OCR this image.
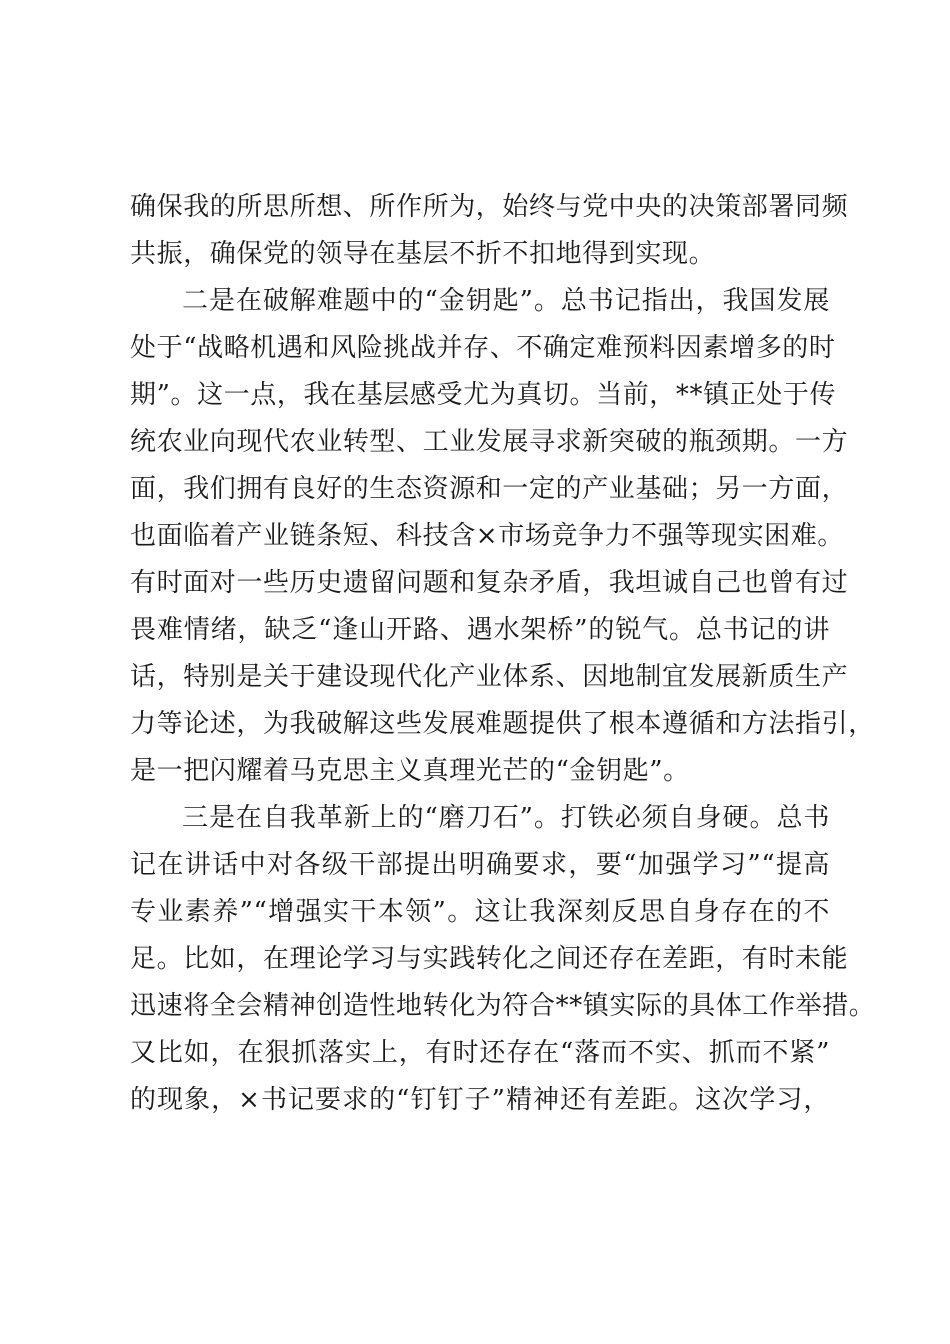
确保我的所思所想、所作所为，始终与党中央的决策部署同频
共振，确保党的领导在基层不折不扣地得到实现。
二是在破解难题中的“金钥匙”。总书记指出，我国发展
处于“战略机遇和风险挑战并存、不确定难预料因素增多的时
期”。这一点，我在基层感受尤为真切。当前，**镇正处于传
统农业向现代农业转型、工业发展寻求新突破的瓶颈期。一方
面，我们拥有良好的生态资源和一定的产业基础；另一方面，
也面临着产业链条短、科技含×市场竞争力不强等现实困难。
有时面对一些历史遗留问题和复杂矛盾，我坦诚自己也曾有过
畏难情绪，缺乏“逢山开路、遇水架桥”的锐气。总书记的讲
话，特别是关于建设现代化产业体系、因地制宜发展新质生产
力等论述，为我破解这些发展难题提供了根本遵循和方法指引，
是一把闪耀着马克思主义真理光芒的“金钥匙”。
三是在自我革新上的“磨刀石”。打铁必须自身硬。总书
记在讲话中对各级干部提出明确要求，要“加强学习”“提高
专业素养”“增强实干本领”。这让我深刻反思自身存在的不
足。比如，在理论学习与实践转化之间还存在差距，有时未能
迅速将全会精神创造性地转化为符合**镇实际的具体工作举措。
又比如，在狠抓落实上，有时还存在“落而不实、抓而不紧”
的现象，×书记要求的“钉钉子”精神还有差距。这次学习，
